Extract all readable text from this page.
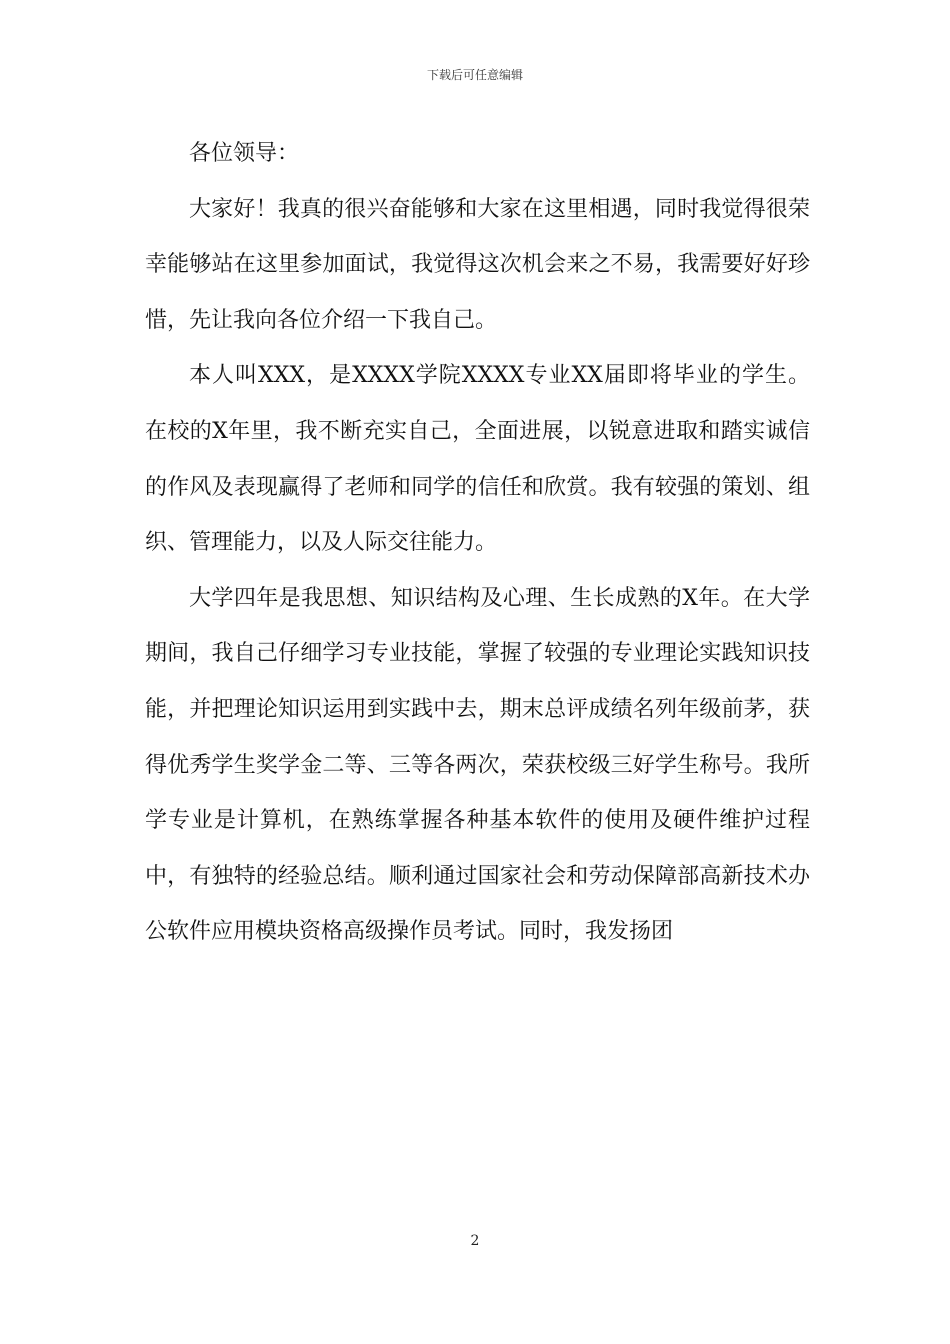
下载后可任意编辑

各位领导：

大家好！我真的很兴奋能够和大家在这里相遇，同时我觉得很荣幸能够站在这里参加面试，我觉得这次机会来之不易，我需要好好珍惜，先让我向各位介绍一下我自己。

本人叫XXX，是XXXX学院XXXX专业XX届即将毕业的学生。在校的X年里，我不断充实自己，全面进展，以锐意进取和踏实诚信的作风及表现赢得了老师和同学的信任和欣赏。我有较强的策划、组织、管理能力，以及人际交往能力。

大学四年是我思想、知识结构及心理、生长成熟的X年。在大学期间，我自己仔细学习专业技能，掌握了较强的专业理论实践知识技能，并把理论知识运用到实践中去，期末总评成绩名列年级前茅，获得优秀学生奖学金二等、三等各两次，荣获校级三好学生称号。我所学专业是计算机，在熟练掌握各种基本软件的使用及硬件维护过程中，有独特的经验总结。顺利通过国家社会和劳动保障部高新技术办公软件应用模块资格高级操作员考试。同时，我发扬团

2
